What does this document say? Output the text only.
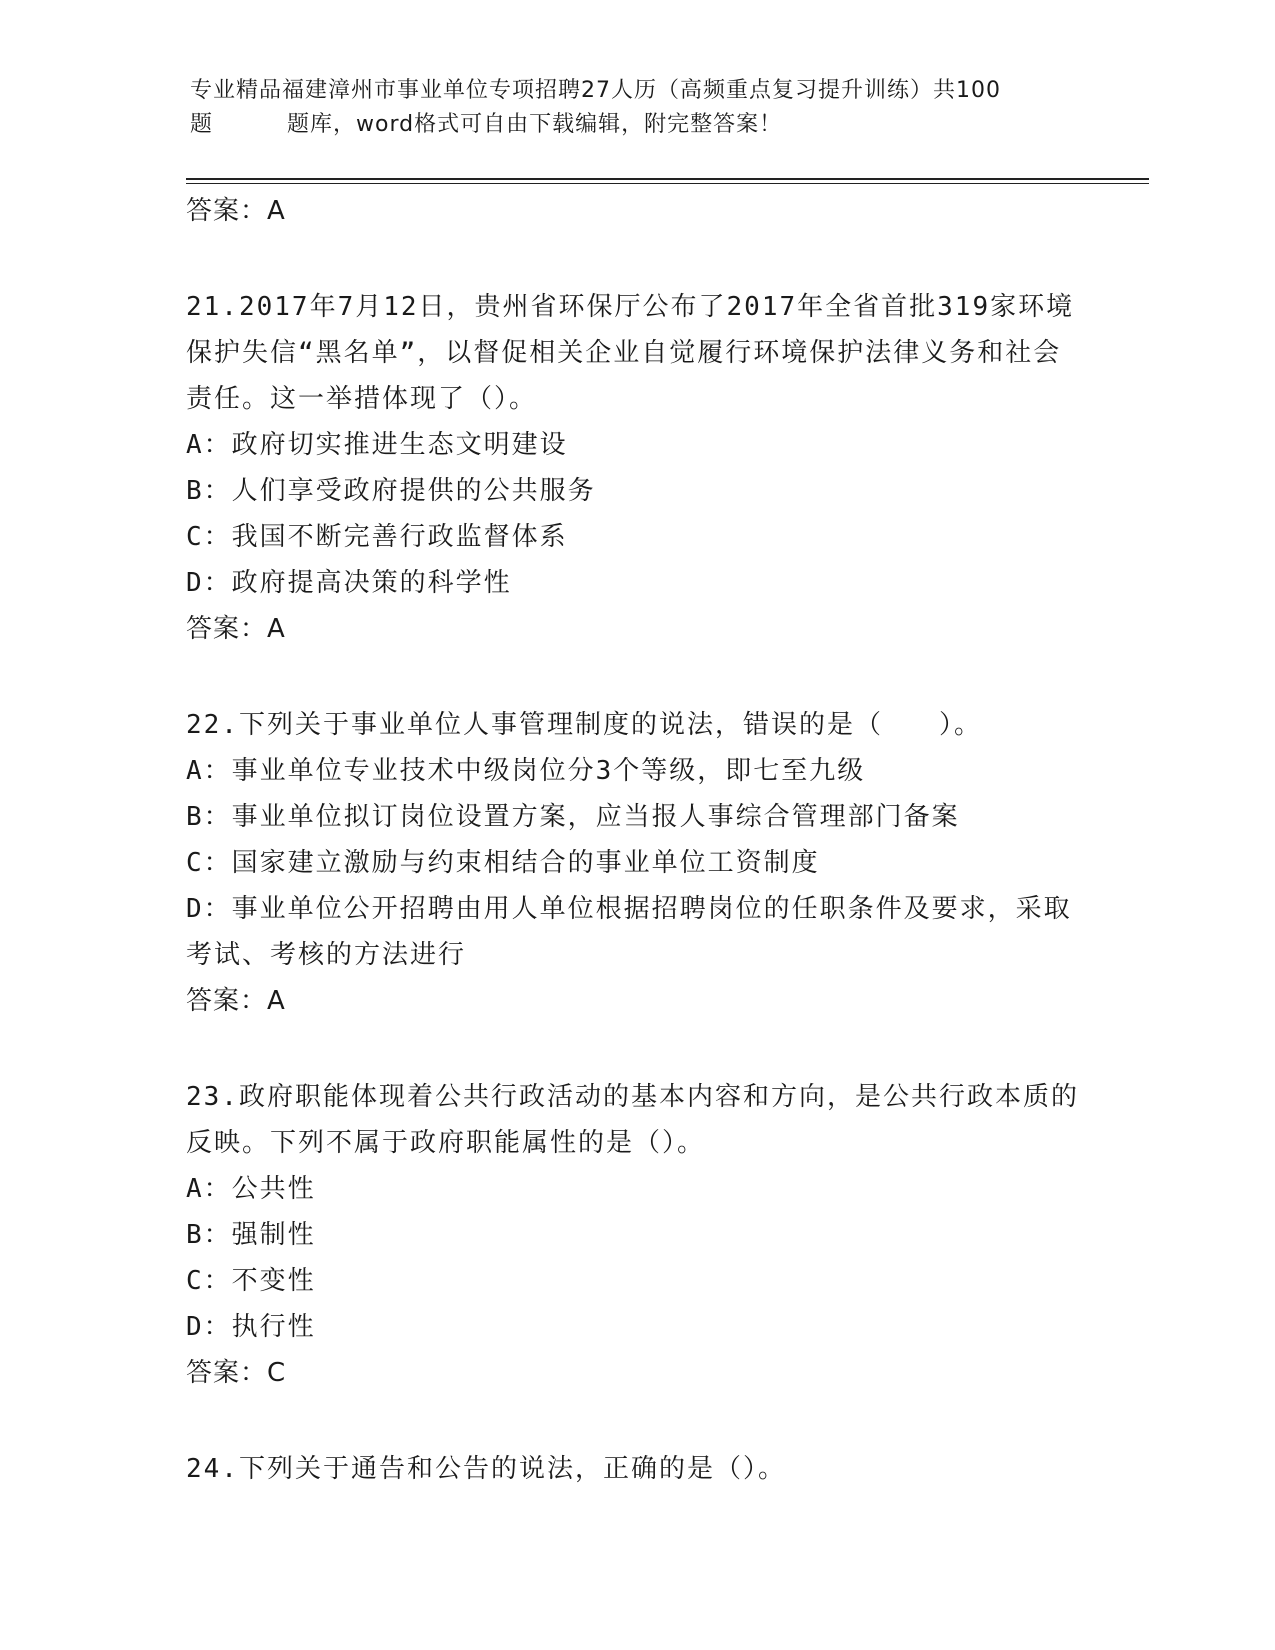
专业精品福建漳州市事业单位专项招聘27人历（高频重点复习提升训练）共100
题	题库，word格式可自由下载编辑，附完整答案！

答案：A

21.2017年7月12日，贵州省环保厅公布了2017年全省首批319家环境保护失信“黑名单”，以督促相关企业自觉履行环境保护法律义务和社会责任。这一举措体现了（）。

A：政府切实推进生态文明建设

B：人们享受政府提供的公共服务

C：我国不断完善行政监督体系

D：政府提高决策的科学性

答案：A

22.下列关于事业单位人事管理制度的说法，错误的是（　　）。

A：事业单位专业技术中级岗位分3个等级，即七至九级

B：事业单位拟订岗位设置方案，应当报人事综合管理部门备案

C：国家建立激励与约束相结合的事业单位工资制度

D：事业单位公开招聘由用人单位根据招聘岗位的任职条件及要求，采取考试、考核的方法进行

答案：A

23.政府职能体现着公共行政活动的基本内容和方向，是公共行政本质的反映。下列不属于政府职能属性的是（）。

A：公共性

B：强制性

C：不变性

D：执行性

答案：C

24.下列关于通告和公告的说法，正确的是（）。
